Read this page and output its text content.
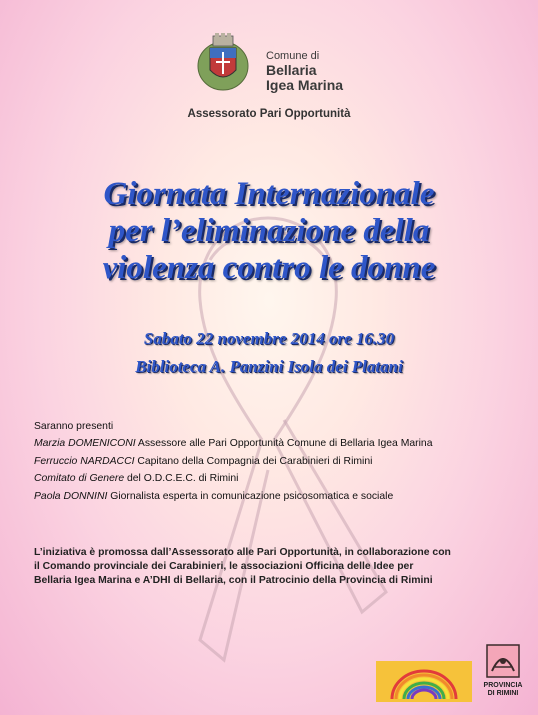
Comune di
Bellaria
Igea Marina
Assessorato Pari Opportunità
Giornata Internazionale
per l’eliminazione della
violenza contro le donne
Sabato 22 novembre 2014 ore 16.30
Biblioteca A. Panzini Isola dei Platani
Saranno presenti
Marzia DOMENICONI Assessore alle Pari Opportunità Comune di Bellaria Igea Marina
Ferruccio NARDACCI Capitano della Compagnia dei Carabinieri di Rimini
Comitato di Genere del O.D.C.E.C. di Rimini
Paola DONNINI Giornalista esperta in comunicazione psicosomatica e sociale
L’iniziativa è promossa dall’Assessorato alle Pari Opportunità, in collaborazione con
il Comando provinciale dei Carabinieri, le associazioni Officina delle Idee per
Bellaria Igea Marina e A’DHI di Bellaria, con il Patrocinio della Provincia di Rimini
PROVINCIA
DI RIMINI
